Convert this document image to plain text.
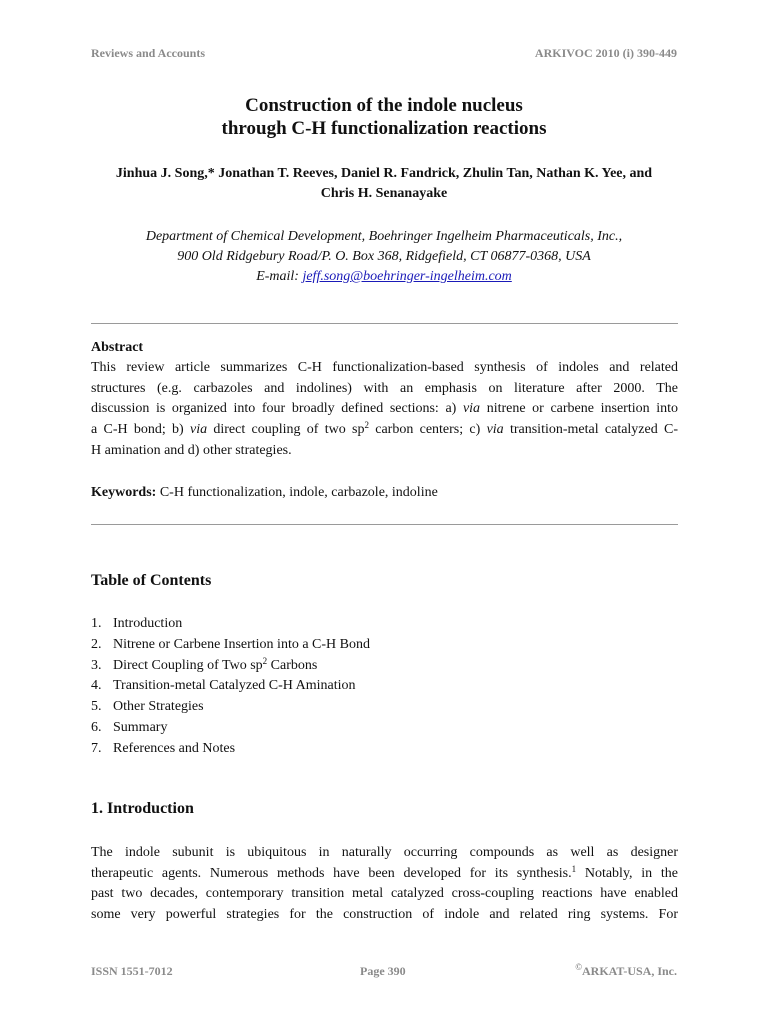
Reviews and Accounts	ARKIVOC 2010 (i) 390-449
Construction of the indole nucleus
through C-H functionalization reactions
Jinhua J. Song,* Jonathan T. Reeves, Daniel R. Fandrick, Zhulin Tan, Nathan K. Yee, and
Chris H. Senanayake
Department of Chemical Development, Boehringer Ingelheim Pharmaceuticals, Inc.,
900 Old Ridgebury Road/P. O. Box 368, Ridgefield, CT 06877-0368, USA
E-mail: jeff.song@boehringer-ingelheim.com
Abstract
This review article summarizes C-H functionalization-based synthesis of indoles and related
structures (e.g. carbazoles and indolines) with an emphasis on literature after 2000. The
discussion is organized into four broadly defined sections: a) via nitrene or carbene insertion into
a C-H bond; b) via direct coupling of two $sp^2$ carbon centers; c) via transition-metal catalyzed C-
H amination and d) other strategies.
Keywords: C-H functionalization, indole, carbazole, indoline
Table of Contents
1. Introduction
2. Nitrene or Carbene Insertion into a C-H Bond
3. Direct Coupling of Two $sp^2$ Carbons
4. Transition-metal Catalyzed C-H Amination
5. Other Strategies
6. Summary
7. References and Notes
1. Introduction
The indole subunit is ubiquitous in naturally occurring compounds as well as designer
therapeutic agents. Numerous methods have been developed for its synthesis.$^1$ Notably, in the
past two decades, contemporary transition metal catalyzed cross-coupling reactions have enabled
some very powerful strategies for the construction of indole and related ring systems. For
ISSN 1551-7012	Page 390	©ARKAT-USA, Inc.
